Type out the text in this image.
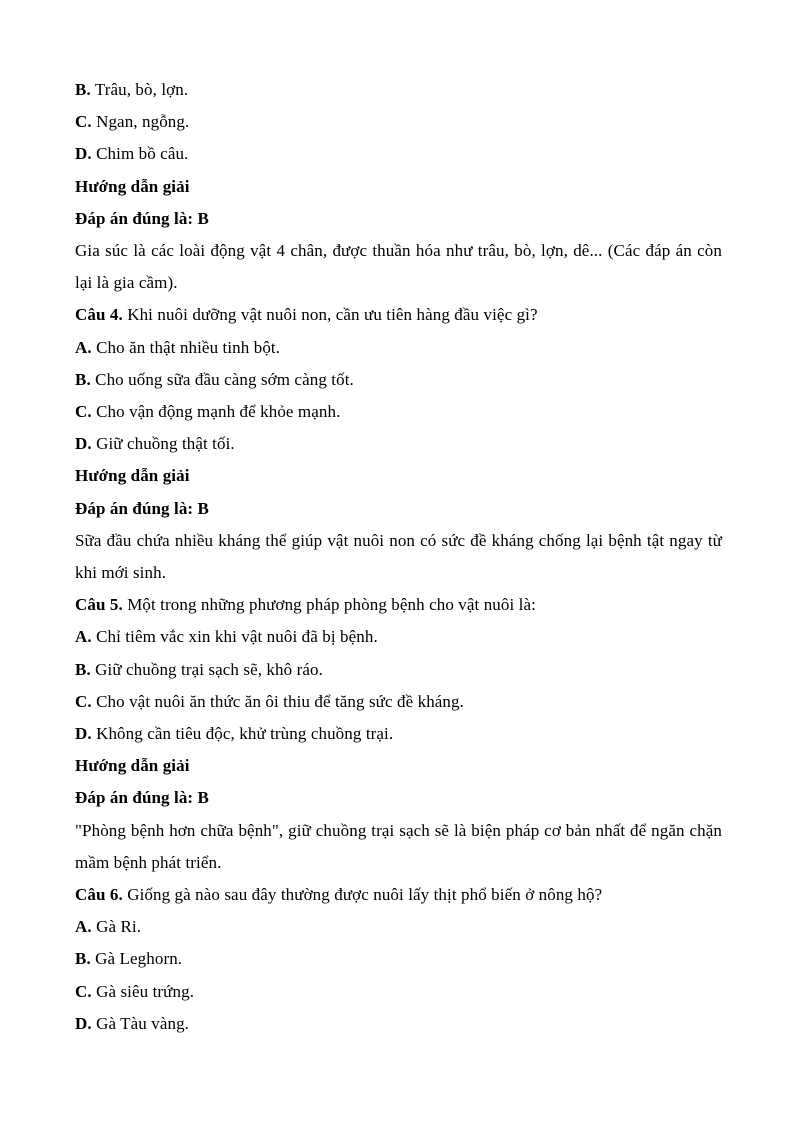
B. Trâu, bò, lợn.

C. Ngan, ngỗng.

D. Chim bồ câu.

Hướng dẫn giải

Đáp án đúng là: B

Gia súc là các loài động vật 4 chân, được thuần hóa như trâu, bò, lợn, dê... (Các đáp án còn lại là gia cầm).

Câu 4. Khi nuôi dưỡng vật nuôi non, cần ưu tiên hàng đầu việc gì?

A. Cho ăn thật nhiều tinh bột.

B. Cho uống sữa đầu càng sớm càng tốt.

C. Cho vận động mạnh để khỏe mạnh.

D. Giữ chuồng thật tối.

Hướng dẫn giải

Đáp án đúng là: B

Sữa đầu chứa nhiều kháng thể giúp vật nuôi non có sức đề kháng chống lại bệnh tật ngay từ khi mới sinh.

Câu 5. Một trong những phương pháp phòng bệnh cho vật nuôi là:

A. Chỉ tiêm vắc xin khi vật nuôi đã bị bệnh.

B. Giữ chuồng trại sạch sẽ, khô ráo.

C. Cho vật nuôi ăn thức ăn ôi thiu để tăng sức đề kháng.

D. Không cần tiêu độc, khử trùng chuồng trại.

Hướng dẫn giải

Đáp án đúng là: B

"Phòng bệnh hơn chữa bệnh", giữ chuồng trại sạch sẽ là biện pháp cơ bản nhất để ngăn chặn mầm bệnh phát triển.

Câu 6. Giống gà nào sau đây thường được nuôi lấy thịt phổ biến ở nông hộ?

A. Gà Ri.

B. Gà Leghorn.

C. Gà siêu trứng.

D. Gà Tàu vàng.
